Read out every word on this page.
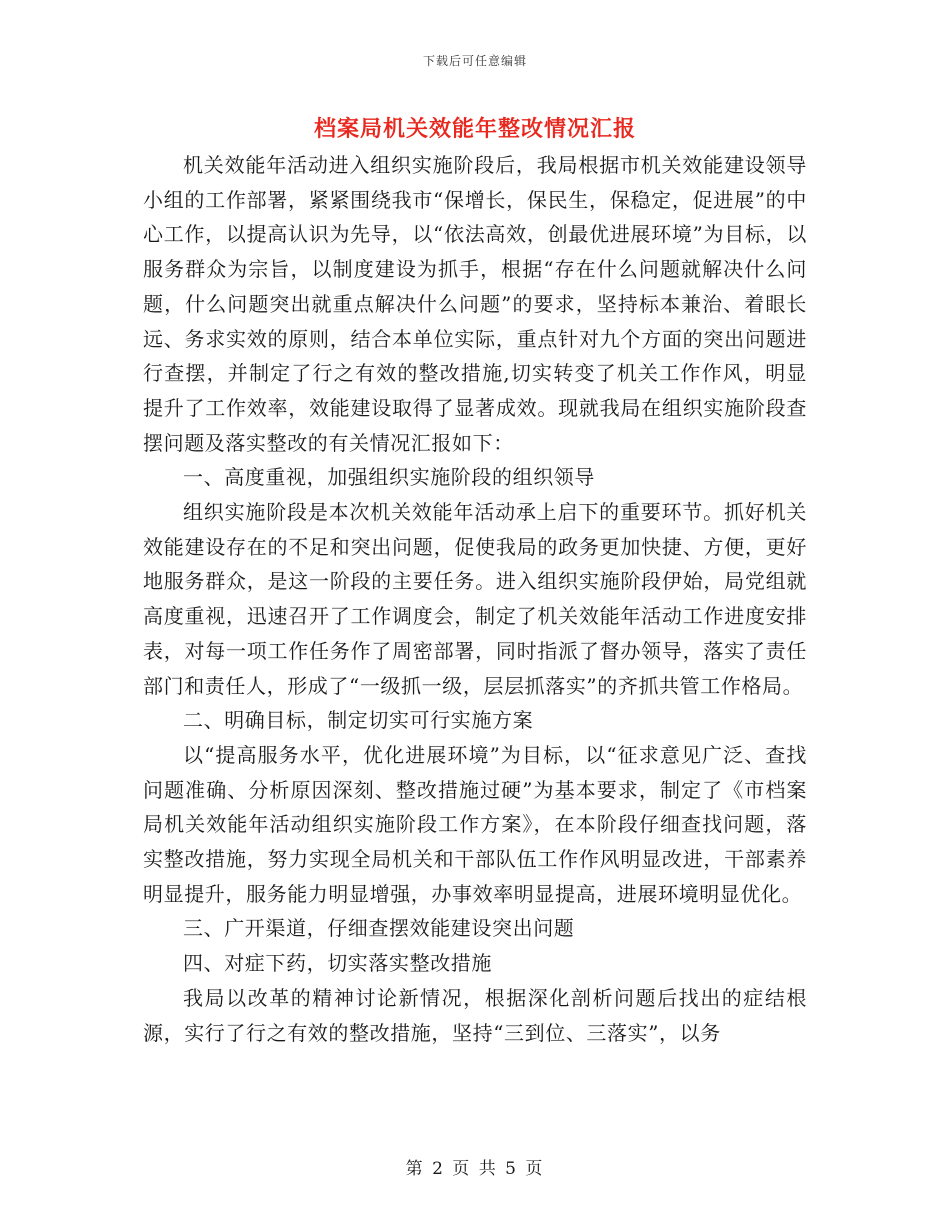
下载后可任意编辑
档案局机关效能年整改情况汇报

机关效能年活动进入组织实施阶段后，我局根据市机关效能建设领导小组的工作部署，紧紧围绕我市“保增长，保民生，保稳定，促进展”的中心工作，以提高认识为先导，以“依法高效，创最优进展环境”为目标，以服务群众为宗旨，以制度建设为抓手，根据“存在什么问题就解决什么问题，什么问题突出就重点解决什么问题”的要求，坚持标本兼治、着眼长远、务求实效的原则，结合本单位实际，重点针对九个方面的突出问题进行查摆，并制定了行之有效的整改措施,切实转变了机关工作作风，明显提升了工作效率，效能建设取得了显著成效。现就我局在组织实施阶段查摆问题及落实整改的有关情况汇报如下：

一、高度重视，加强组织实施阶段的组织领导

组织实施阶段是本次机关效能年活动承上启下的重要环节。抓好机关效能建设存在的不足和突出问题，促使我局的政务更加快捷、方便，更好地服务群众，是这一阶段的主要任务。进入组织实施阶段伊始，局党组就高度重视，迅速召开了工作调度会，制定了机关效能年活动工作进度安排表，对每一项工作任务作了周密部署，同时指派了督办领导，落实了责任部门和责任人，形成了“一级抓一级，层层抓落实”的齐抓共管工作格局。

二、明确目标，制定切实可行实施方案

以“提高服务水平，优化进展环境”为目标，以“征求意见广泛、查找问题准确、分析原因深刻、整改措施过硬”为基本要求，制定了《市档案局机关效能年活动组织实施阶段工作方案》，在本阶段仔细查找问题，落实整改措施，努力实现全局机关和干部队伍工作作风明显改进，干部素养明显提升，服务能力明显增强，办事效率明显提高，进展环境明显优化。

三、广开渠道，仔细查摆效能建设突出问题

四、对症下药，切实落实整改措施

我局以改革的精神讨论新情况，根据深化剖析问题后找出的症结根源，实行了行之有效的整改措施，坚持“三到位、三落实”，以务

第 2 页 共 5 页
